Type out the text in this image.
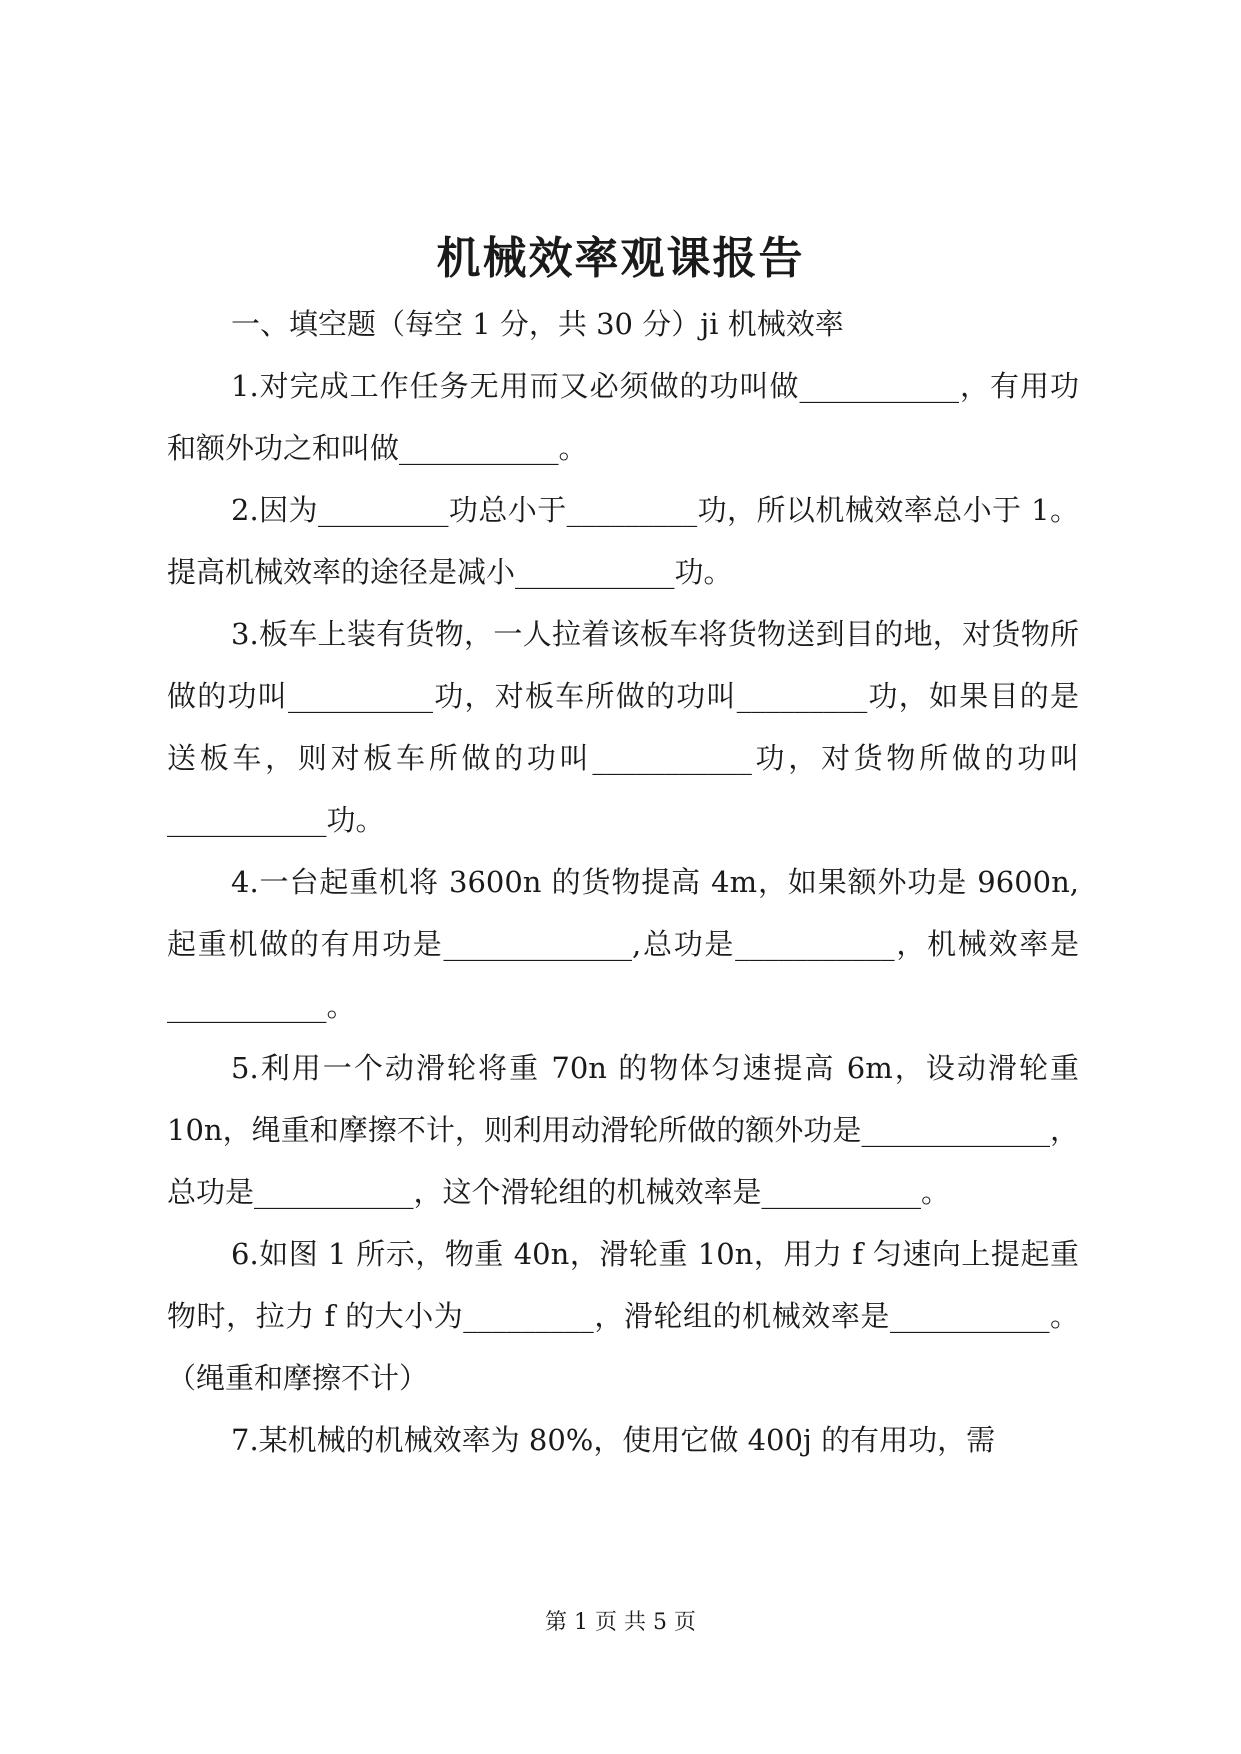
机械效率观课报告

一、填空题（每空 1 分，共 30 分）ji 机械效率

1.对完成工作任务无用而又必须做的功叫做___________，有用功和额外功之和叫做___________。

2.因为_________功总小于_________功，所以机械效率总小于 1。提高机械效率的途径是减小___________功。

3.板车上装有货物，一人拉着该板车将货物送到目的地，对货物所做的功叫__________功，对板车所做的功叫_________功，如果目的是送板车，则对板车所做的功叫___________功，对货物所做的功叫___________功。

4.一台起重机将 3600n 的货物提高 4m，如果额外功是 9600n,起重机做的有用功是_____________,总功是___________，机械效率是___________。

5.利用一个动滑轮将重 70n 的物体匀速提高 6m，设动滑轮重 10n，绳重和摩擦不计，则利用动滑轮所做的额外功是_____________，总功是___________，这个滑轮组的机械效率是___________。

6.如图 1 所示，物重 40n，滑轮重 10n，用力 f 匀速向上提起重物时，拉力 f 的大小为_________，滑轮组的机械效率是___________。（绳重和摩擦不计）

7.某机械的机械效率为 80%，使用它做 400j 的有用功，需

第 1 页 共 5 页
